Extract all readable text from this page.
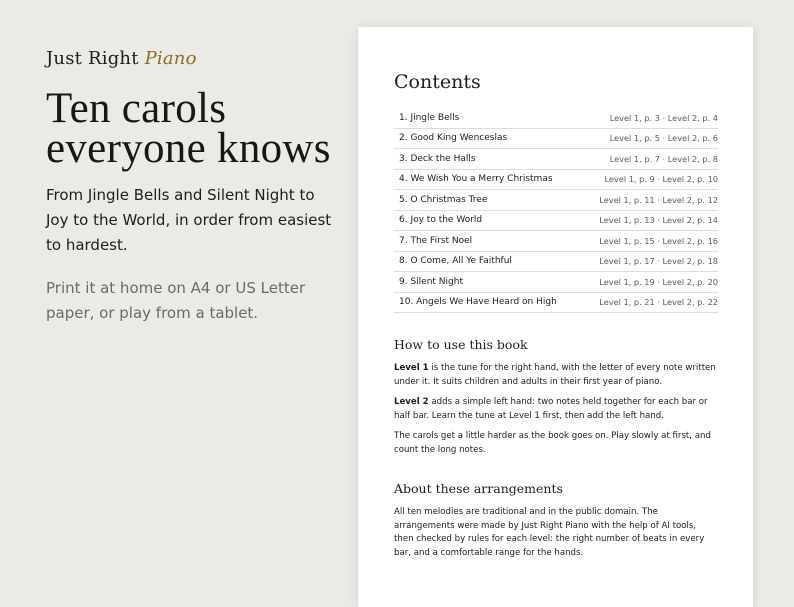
Just Right Piano

Ten carols
everyone knows

From Jingle Bells and Silent Night to Joy to the World, in order from easiest to hardest.

Print it at home on A4 or US Letter paper, or play from a tablet.

Contents
1. Jingle Bells	Level 1, p. 3 · Level 2, p. 4
2. Good King Wenceslas	Level 1, p. 5 · Level 2, p. 6
3. Deck the Halls	Level 1, p. 7 · Level 2, p. 8
4. We Wish You a Merry Christmas	Level 1, p. 9 · Level 2, p. 10
5. O Christmas Tree	Level 1, p. 11 · Level 2, p. 12
6. Joy to the World	Level 1, p. 13 · Level 2, p. 14
7. The First Noel	Level 1, p. 15 · Level 2, p. 16
8. O Come, All Ye Faithful	Level 1, p. 17 · Level 2, p. 18
9. Silent Night	Level 1, p. 19 · Level 2, p. 20
10. Angels We Have Heard on High	Level 1, p. 21 · Level 2, p. 22
How to use this book

Level 1 is the tune for the right hand, with the letter of every note written under it. It suits children and adults in their first year of piano.

Level 2 adds a simple left hand: two notes held together for each bar or half bar. Learn the tune at Level 1 first, then add the left hand.

The carols get a little harder as the book goes on. Play slowly at first, and count the long notes.

About these arrangements

All ten melodies are traditional and in the public domain. The arrangements were made by Just Right Piano with the help of AI tools, then checked by rules for each level: the right number of beats in every bar, and a comfortable range for the hands.
